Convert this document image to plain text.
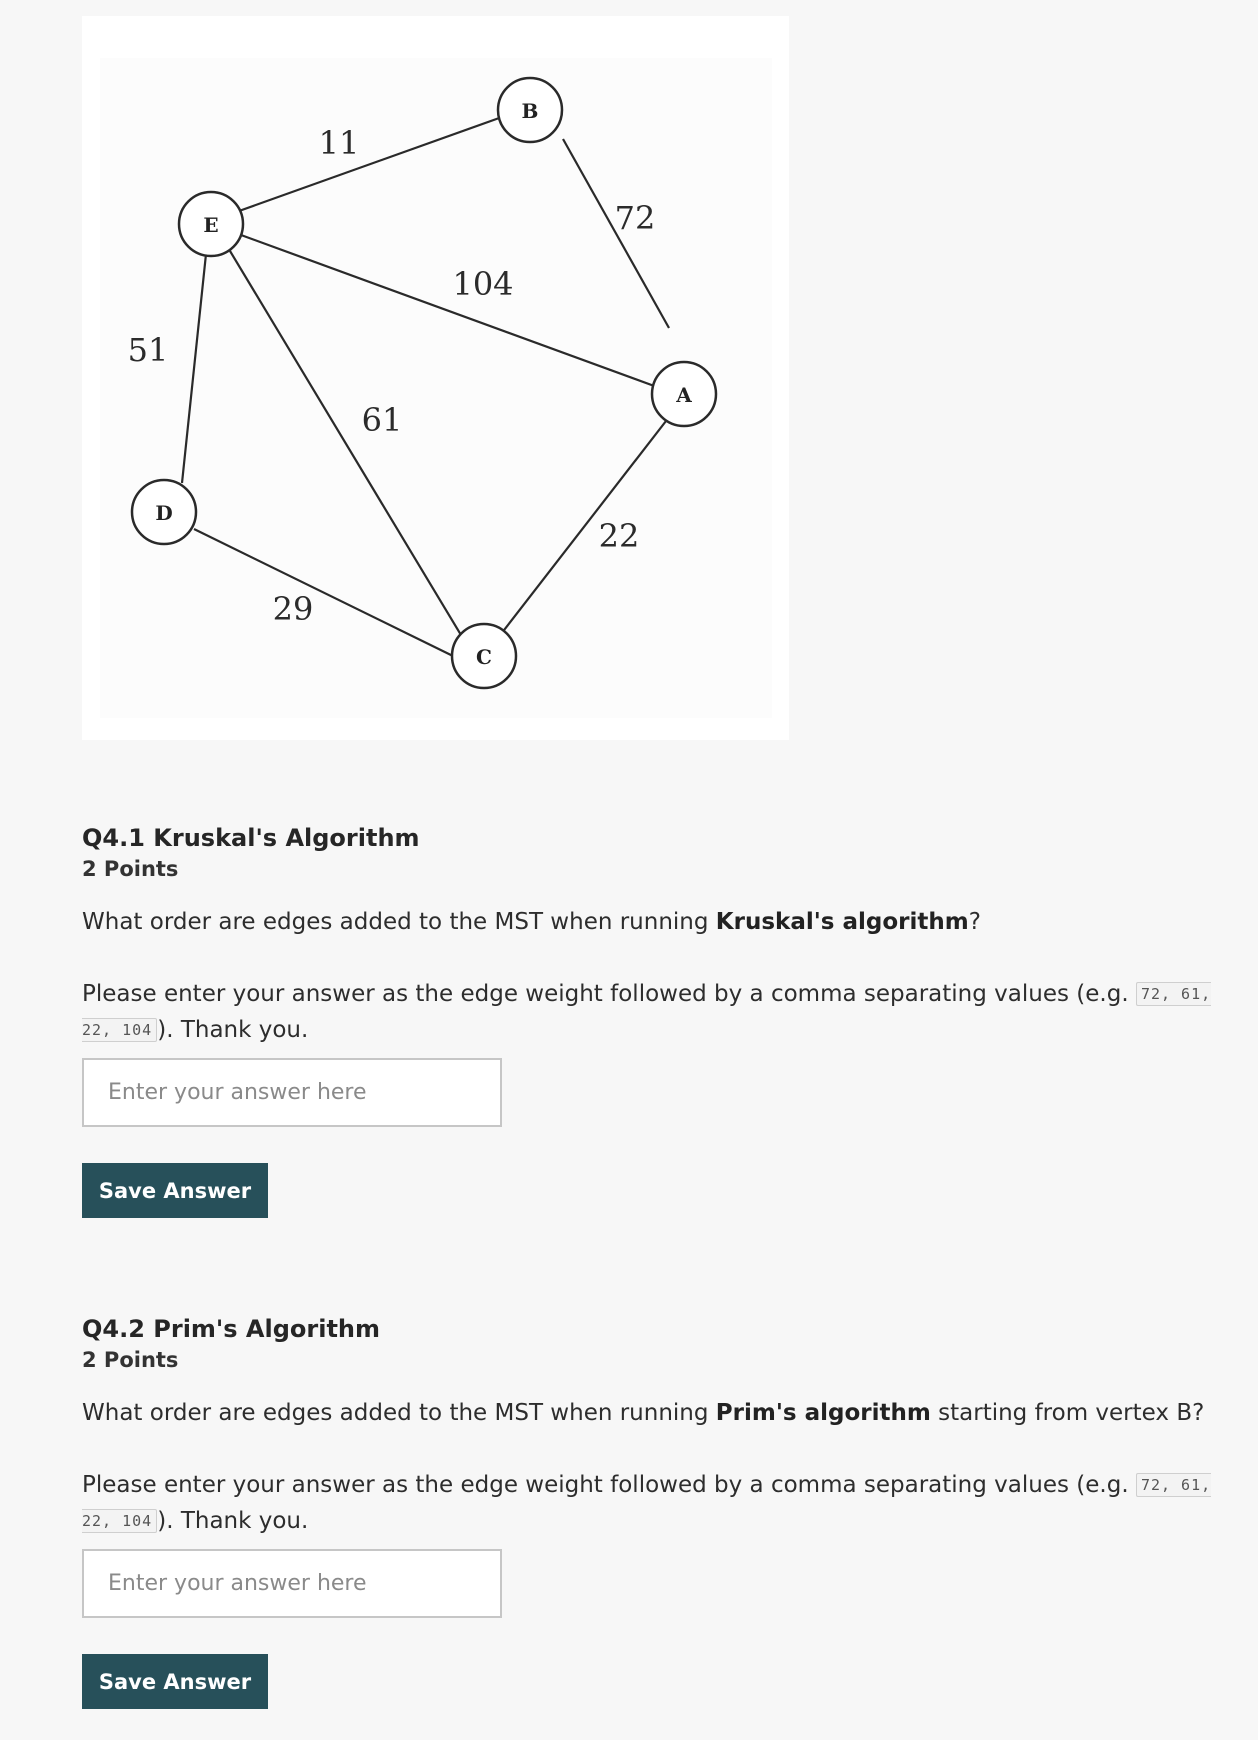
B
E
A
D
C
11
72
104
51
61
22
29
Q4.1 Kruskal's Algorithm
2 Points

What order are edges added to the MST when running Kruskal's algorithm?

Please enter your answer as the edge weight followed by a comma separating values (e.g. 72, 61, 22, 104 ). Thank you.

Enter your answer here
Save Answer
Q4.2 Prim's Algorithm
2 Points

What order are edges added to the MST when running Prim's algorithm starting from vertex B?

Please enter your answer as the edge weight followed by a comma separating values (e.g. 72, 61, 22, 104 ). Thank you.

Enter your answer here
Save Answer
